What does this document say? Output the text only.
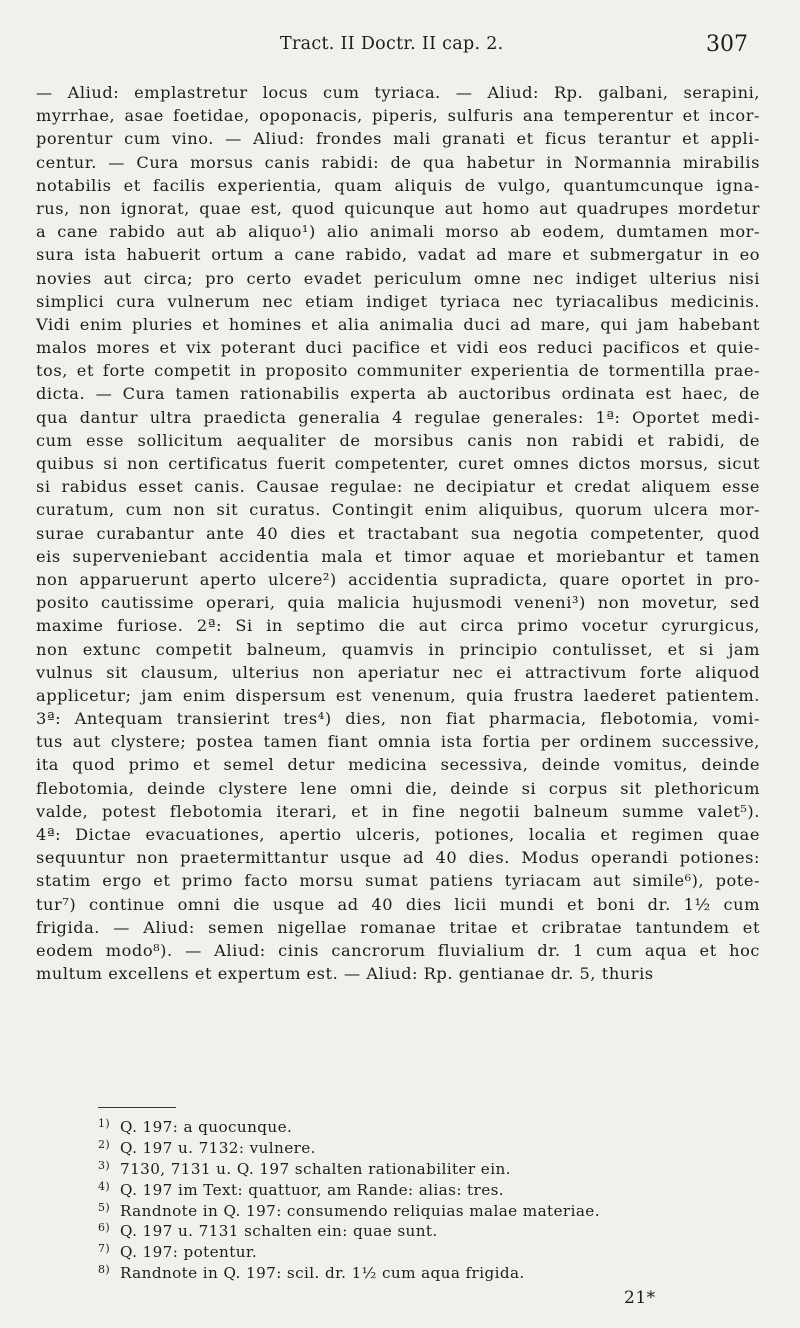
Tract. II Doctr. II cap. 2.	307
— Aliud: emplastretur locus cum tyriaca. — Aliud: Rp. galbani, serapini,
myrrhae, asae foetidae, opoponacis, piperis, sulfuris ana temperentur et incor-
porentur cum vino. — Aliud: frondes mali granati et ficus terantur et appli-
centur. — Cura morsus canis rabidi: de qua habetur in Normannia mirabilis
notabilis et facilis experientia, quam aliquis de vulgo, quantumcunque igna-
rus, non ignorat, quae est, quod quicunque aut homo aut quadrupes mordetur
a cane rabido aut ab aliquo¹) alio animali morso ab eodem, dumtamen mor-
sura ista habuerit ortum a cane rabido, vadat ad mare et submergatur in eo
novies aut circa; pro certo evadet periculum omne nec indiget ulterius nisi
simplici cura vulnerum nec etiam indiget tyriaca nec tyriacalibus medicinis.
Vidi enim pluries et homines et alia animalia duci ad mare, qui jam habebant
malos mores et vix poterant duci pacifice et vidi eos reduci pacificos et quie-
tos, et forte competit in proposito communiter experientia de tormentilla prae-
dicta. — Cura tamen rationabilis experta ab auctoribus ordinata est haec, de
qua dantur ultra praedicta generalia 4 regulae generales: 1ª: Oportet medi-
cum esse sollicitum aequaliter de morsibus canis non rabidi et rabidi, de
quibus si non certificatus fuerit competenter, curet omnes dictos morsus, sicut
si rabidus esset canis. Causae regulae: ne decipiatur et credat aliquem esse
curatum, cum non sit curatus. Contingit enim aliquibus, quorum ulcera mor-
surae curabantur ante 40 dies et tractabant sua negotia competenter, quod
eis superveniebant accidentia mala et timor aquae et moriebantur et tamen
non apparuerunt aperto ulcere²) accidentia supradicta, quare oportet in pro-
posito cautissime operari, quia malicia hujusmodi veneni³) non movetur, sed
maxime furiose. 2ª: Si in septimo die aut circa primo vocetur cyrurgicus,
non extunc competit balneum, quamvis in principio contulisset, et si jam
vulnus sit clausum, ulterius non aperiatur nec ei attractivum forte aliquod
applicetur; jam enim dispersum est venenum, quia frustra laederet patientem.
3ª: Antequam transierint tres⁴) dies, non fiat pharmacia, flebotomia, vomi-
tus aut clystere; postea tamen fiant omnia ista fortia per ordinem successive,
ita quod primo et semel detur medicina secessiva, deinde vomitus, deinde
flebotomia, deinde clystere lene omni die, deinde si corpus sit plethoricum
valde, potest flebotomia iterari, et in fine negotii balneum summe valet⁵).
4ª: Dictae evacuationes, apertio ulceris, potiones, localia et regimen quae
sequuntur non praetermittantur usque ad 40 dies. Modus operandi potiones:
statim ergo et primo facto morsu sumat patiens tyriacam aut simile⁶), pote-
tur⁷) continue omni die usque ad 40 dies licii mundi et boni dr. 1½ cum
frigida. — Aliud: semen nigellae romanae tritae et cribratae tantundem et
eodem modo⁸). — Aliud: cinis cancrorum fluvialium dr. 1 cum aqua et hoc
multum excellens et expertum est. — Aliud: Rp. gentianae dr. 5, thuris
1) Q. 197: a quocunque.
2) Q. 197 u. 7132: vulnere.
3) 7130, 7131 u. Q. 197 schalten rationabiliter ein.
4) Q. 197 im Text: quattuor, am Rande: alias: tres.
5) Randnote in Q. 197: consumendo reliquias malae materiae.
6) Q. 197 u. 7131 schalten ein: quae sunt.
7) Q. 197: potentur.
8) Randnote in Q. 197: scil. dr. 1½ cum aqua frigida.
21*
